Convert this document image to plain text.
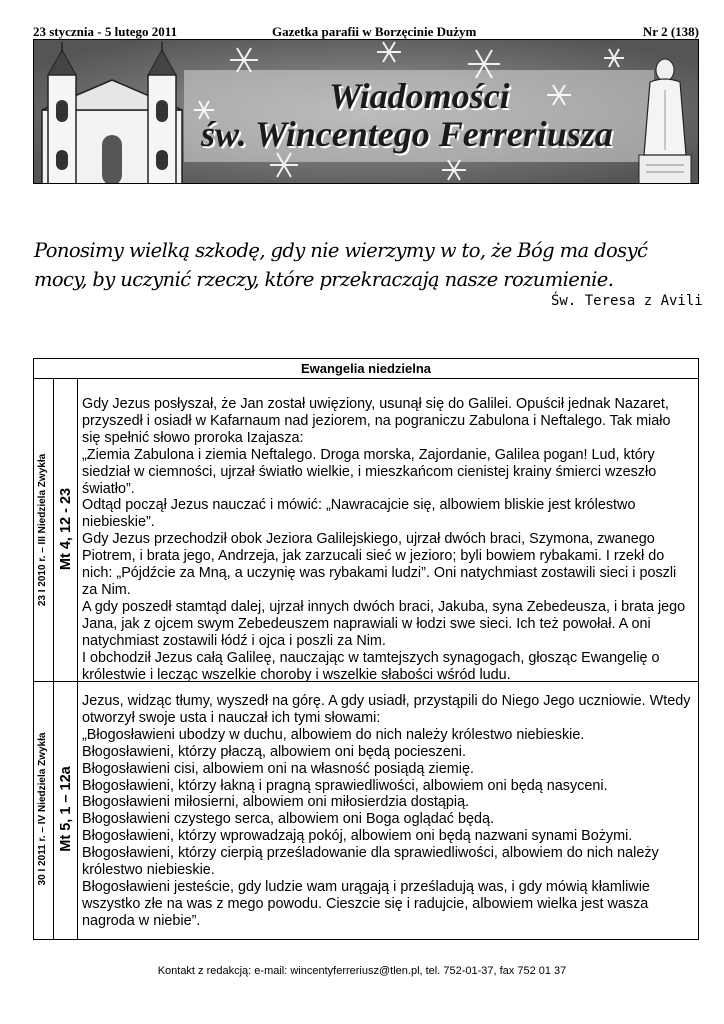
23 stycznia - 5 lutego 2011	Gazetka parafii w Borzęcinie Dużym	Nr 2 (138)
Wiadomości
św. Wincentego Ferreriusza
Ponosimy wielką szkodę, gdy nie wierzymy w to, że Bóg ma dosyć mocy, by uczynić rzeczy, które przekraczają nasze rozumienie.
Św. Teresa z Avili
Ewangelia niedzielna
23 I 2010 r. – III Niedziela Zwykła Mt 4, 12 - 23

Gdy Jezus posłyszał, że Jan został uwięziony, usunął się do Galilei. Opuścił jednak Nazaret, przyszedł i osiadł w Kafarnaum nad jeziorem, na pograniczu Zabulona i Neftalego. Tak miało się spełnić słowo proroka Izajasza:

„Ziemia Zabulona i ziemia Neftalego. Droga morska, Zajordanie, Galilea pogan! Lud, który siedział w ciemności, ujrzał światło wielkie, i mieszkańcom cienistej krainy śmierci wzeszło światło”.

Odtąd począł Jezus nauczać i mówić: „Nawracajcie się, albowiem bliskie jest królestwo niebieskie”.

Gdy Jezus przechodził obok Jeziora Galilejskiego, ujrzał dwóch braci, Szymona, zwanego Piotrem, i brata jego, Andrzeja, jak zarzucali sieć w jezioro; byli bowiem rybakami. I rzekł do nich: „Pójdźcie za Mną, a uczynię was rybakami ludzi”. Oni natychmiast zostawili sieci i poszli za Nim.

A gdy poszedł stamtąd dalej, ujrzał innych dwóch braci, Jakuba, syna Zebedeusza, i brata jego Jana, jak z ojcem swym Zebedeuszem naprawiali w łodzi swe sieci. Ich też powołał. A oni natychmiast zostawili łódź i ojca i poszli za Nim.

I obchodził Jezus całą Galileę, nauczając w tamtejszych synagogach, głosząc Ewangelię o królestwie i lecząc wszelkie choroby i wszelkie słabości wśród ludu.

30 I 2011 r. – IV Niedziela Zwykła Mt 5, 1 – 12a

Jezus, widząc tłumy, wyszedł na górę. A gdy usiadł, przystąpili do Niego Jego uczniowie. Wtedy otworzył swoje usta i nauczał ich tymi słowami:

„Błogosławieni ubodzy w duchu, albowiem do nich należy królestwo niebieskie.

Błogosławieni, którzy płaczą, albowiem oni będą pocieszeni.

Błogosławieni cisi, albowiem oni na własność posiądą ziemię.

Błogosławieni, którzy łakną i pragną sprawiedliwości, albowiem oni będą nasyceni.

Błogosławieni miłosierni, albowiem oni miłosierdzia dostąpią.

Błogosławieni czystego serca, albowiem oni Boga oglądać będą.

Błogosławieni, którzy wprowadzają pokój, albowiem oni będą nazwani synami Bożymi.

Błogosławieni, którzy cierpią prześladowanie dla sprawiedliwości, albowiem do nich należy królestwo niebieskie.

Błogosławieni jesteście, gdy ludzie wam urągają i prześladują was, i gdy mówią kłamliwie wszystko złe na was z mego powodu. Cieszcie się i radujcie, albowiem wielka jest wasza nagroda w niebie”.

Kontakt z redakcją: e-mail: wincentyferreriusz@tlen.pl, tel. 752-01-37, fax 752 01 37
